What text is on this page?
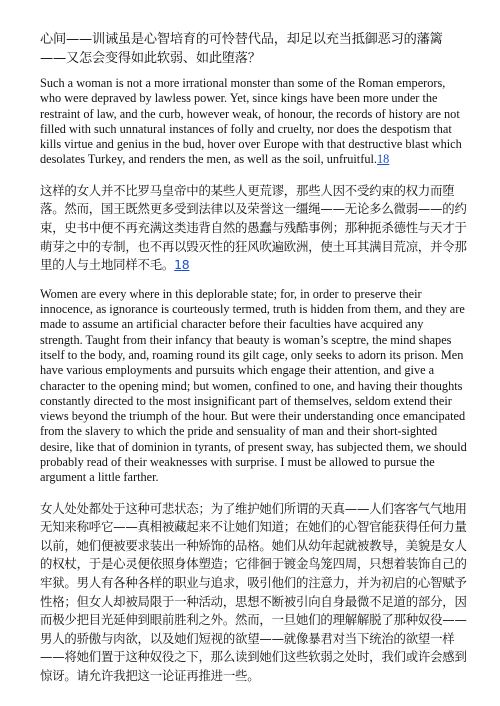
心间——训诫虽是心智培育的可怜替代品，却足以充当抵御恶习的藩篱——又怎会变得如此软弱、如此堕落？

Such a woman is not a more irrational monster than some of the Roman emperors, who were depraved by lawless power. Yet, since kings have been more under the restraint of law, and the curb, however weak, of honour, the records of history are not filled with such unnatural instances of folly and cruelty, nor does the despotism that kills virtue and genius in the bud, hover over Europe with that destructive blast which desolates Turkey, and renders the men, as well as the soil, unfruitful.18

这样的女人并不比罗马皇帝中的某些人更荒谬，那些人因不受约束的权力而堕落。然而，国王既然更多受到法律以及荣誉这一缰绳——无论多么微弱——的约束，史书中便不再充满这类违背自然的愚蠢与残酷事例；那种扼杀德性与天才于萌芽之中的专制，也不再以毁灭性的狂风吹遍欧洲，使土耳其满目荒凉，并令那里的人与土地同样不毛。18

Women are every where in this deplorable state; for, in order to preserve their innocence, as ignorance is courteously termed, truth is hidden from them, and they are made to assume an artificial character before their faculties have acquired any strength. Taught from their infancy that beauty is woman’s sceptre, the mind shapes itself to the body, and, roaming round its gilt cage, only seeks to adorn its prison. Men have various employments and pursuits which engage their attention, and give a character to the opening mind; but women, confined to one, and having their thoughts constantly directed to the most insignificant part of themselves, seldom extend their views beyond the triumph of the hour. But were their understanding once emancipated from the slavery to which the pride and sensuality of man and their short-sighted desire, like that of dominion in tyrants, of present sway, has subjected them, we should probably read of their weaknesses with surprise. I must be allowed to pursue the argument a little farther.

女人处处都处于这种可悲状态；为了维护她们所谓的天真——人们客客气气地用无知来称呼它——真相被藏起来不让她们知道；在她们的心智官能获得任何力量以前，她们便被要求装出一种矫饰的品格。她们从幼年起就被教导，美貌是女人的权杖，于是心灵便依照身体塑造；它徘徊于镀金鸟笼四周，只想着装饰自己的牢狱。男人有各种各样的职业与追求，吸引他们的注意力，并为初启的心智赋予性格；但女人却被局限于一种活动，思想不断被引向自身最微不足道的部分，因而极少把目光延伸到眼前胜利之外。然而，一旦她们的理解解脱了那种奴役——男人的骄傲与肉欲，以及她们短视的欲望——就像暴君对当下统治的欲望一样——将她们置于这种奴役之下，那么读到她们这些软弱之处时，我们或许会感到惊讶。请允许我把这一论证再推进一些。
